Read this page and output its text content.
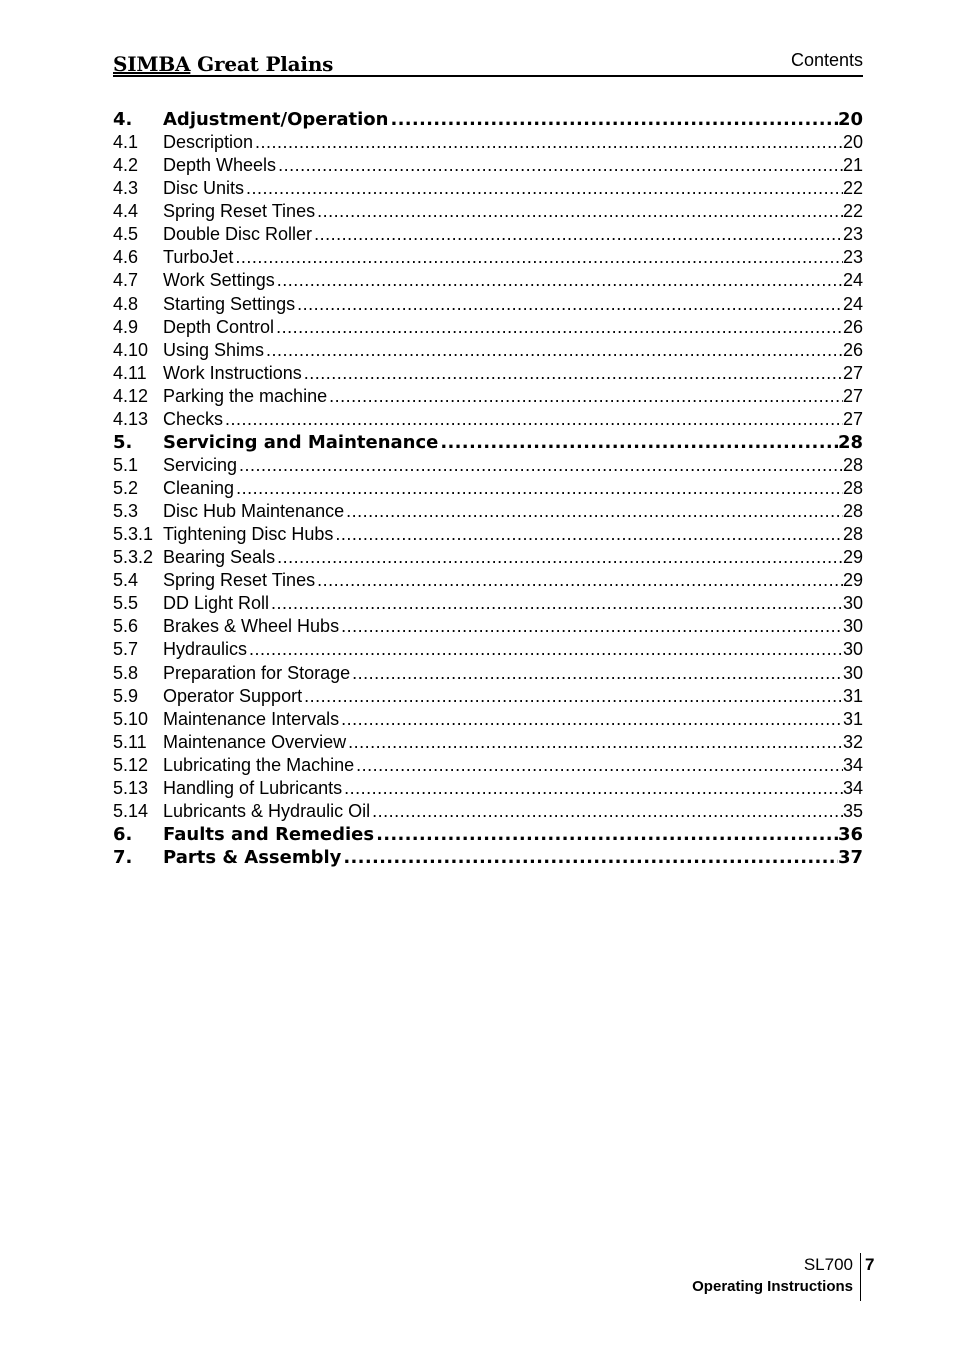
SIMBA Great Plains	Contents
4.	Adjustment/Operation .....	20
4.1	Description .....	20
4.2	Depth Wheels .....	21
4.3	Disc Units .....	22
4.4	Spring Reset Tines .....	22
4.5	Double Disc Roller .....	23
4.6	TurboJet .....	23
4.7	Work Settings .....	24
4.8	Starting Settings .....	24
4.9	Depth Control .....	26
4.10 Using Shims .....	26
4.11 Work Instructions .....	27
4.12 Parking the machine .....	27
4.13 Checks .....	27
5.	Servicing and Maintenance .....	28
5.1	Servicing .....	28
5.2	Cleaning .....	28
5.3	Disc Hub Maintenance .....	28
5.3.1 Tightening Disc Hubs .....	28
5.3.2 Bearing Seals .....	29
5.4	Spring Reset Tines .....	29
5.5	DD Light Roll .....	30
5.6	Brakes & Wheel Hubs .....	30
5.7	Hydraulics .....	30
5.8	Preparation for Storage .....	30
5.9	Operator Support .....	31
5.10 Maintenance Intervals .....	31
5.11 Maintenance Overview .....	32
5.12 Lubricating the Machine .....	34
5.13 Handling of Lubricants .....	34
5.14 Lubricants & Hydraulic Oil .....	35
6.	Faults and Remedies .....	36
7.	Parts & Assembly .....	37
SL700
Operating Instructions
7
